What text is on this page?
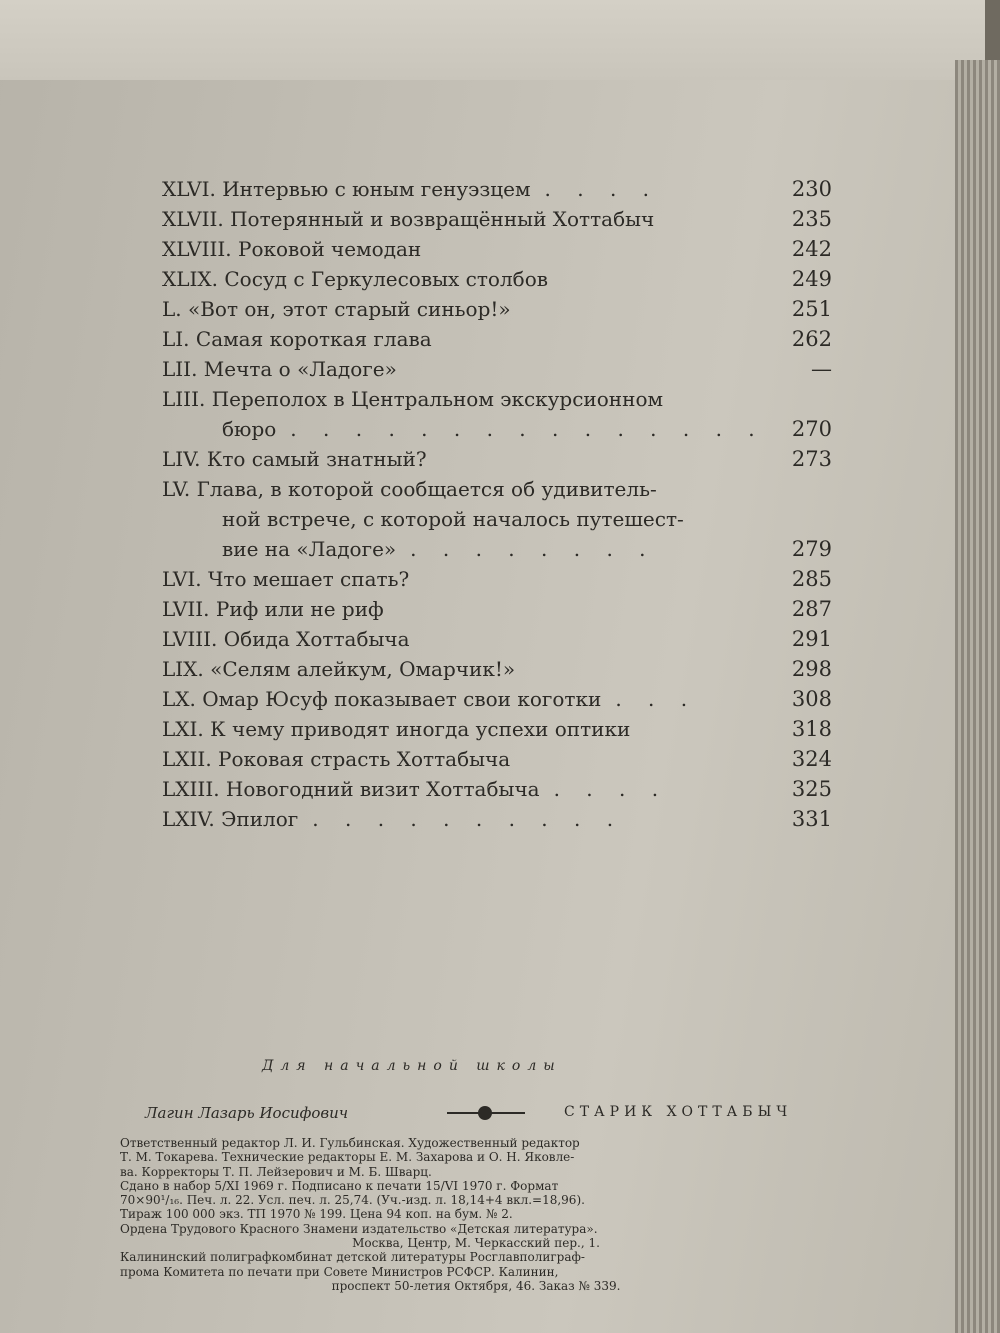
XLVI. Интервью с юным генуэзцем . . . .	230
XLVII. Потерянный и возвращённый Хоттабыч	235
XLVIII. Роковой чемодан	242
XLIX. Сосуд с Геркулесовых столбов	249
L. «Вот он, этот старый синьор!»	251
LI. Самая короткая глава	262
LII. Мечта о «Ладоге»	—
LIII. Переполох в Центральном экскурсионном
бюро . . . . . . . . . . . . . . .	270
LIV. Кто самый знатный?	273
LV. Глава, в которой сообщается об удивитель-
ной встрече, с которой началось путешест-
вие на «Ладоге» . . . . . . . .	279
LVI. Что мешает спать?	285
LVII. Риф или не риф	287
LVIII. Обида Хоттабыча	291
LIX. «Селям алейкум, Омарчик!»	298
LX. Омар Юсуф показывает свои коготки . . .	308
LXI. К чему приводят иногда успехи оптики	318
LXII. Роковая страсть Хоттабыча	324
LXIII. Новогодний визит Хоттабыча . . . .	325
LXIV. Эпилог . . . . . . . . . .	331
Для начальной школы
Лагин Лазарь Иосифович	СТАРИК ХОТТАБЫЧ
Ответственный редактор Л. И. Гульбинская. Художественный редактор
Т. М. Токарева. Технические редакторы Е. М. Захарова и О. Н. Яковле-
ва. Корректоры Т. П. Лейзерович и М. Б. Шварц.
Сдано в набор 5/XI 1969 г. Подписано к печати 15/VI 1970 г. Формат
70×90¹/₁₆. Печ. л. 22. Усл. печ. л. 25,74. (Уч.-изд. л. 18,14+4 вкл.=18,96).
Тираж 100 000 экз. ТП 1970 № 199. Цена 94 коп. на бум. № 2.
Ордена Трудового Красного Знамени издательство «Детская литература».
Москва, Центр, М. Черкасский пер., 1.
Калининский полиграфкомбинат детской литературы Росглавполиграф-
прома Комитета по печати при Совете Министров РСФСР. Калинин,
проспект 50-летия Октября, 46. Заказ № 339.
